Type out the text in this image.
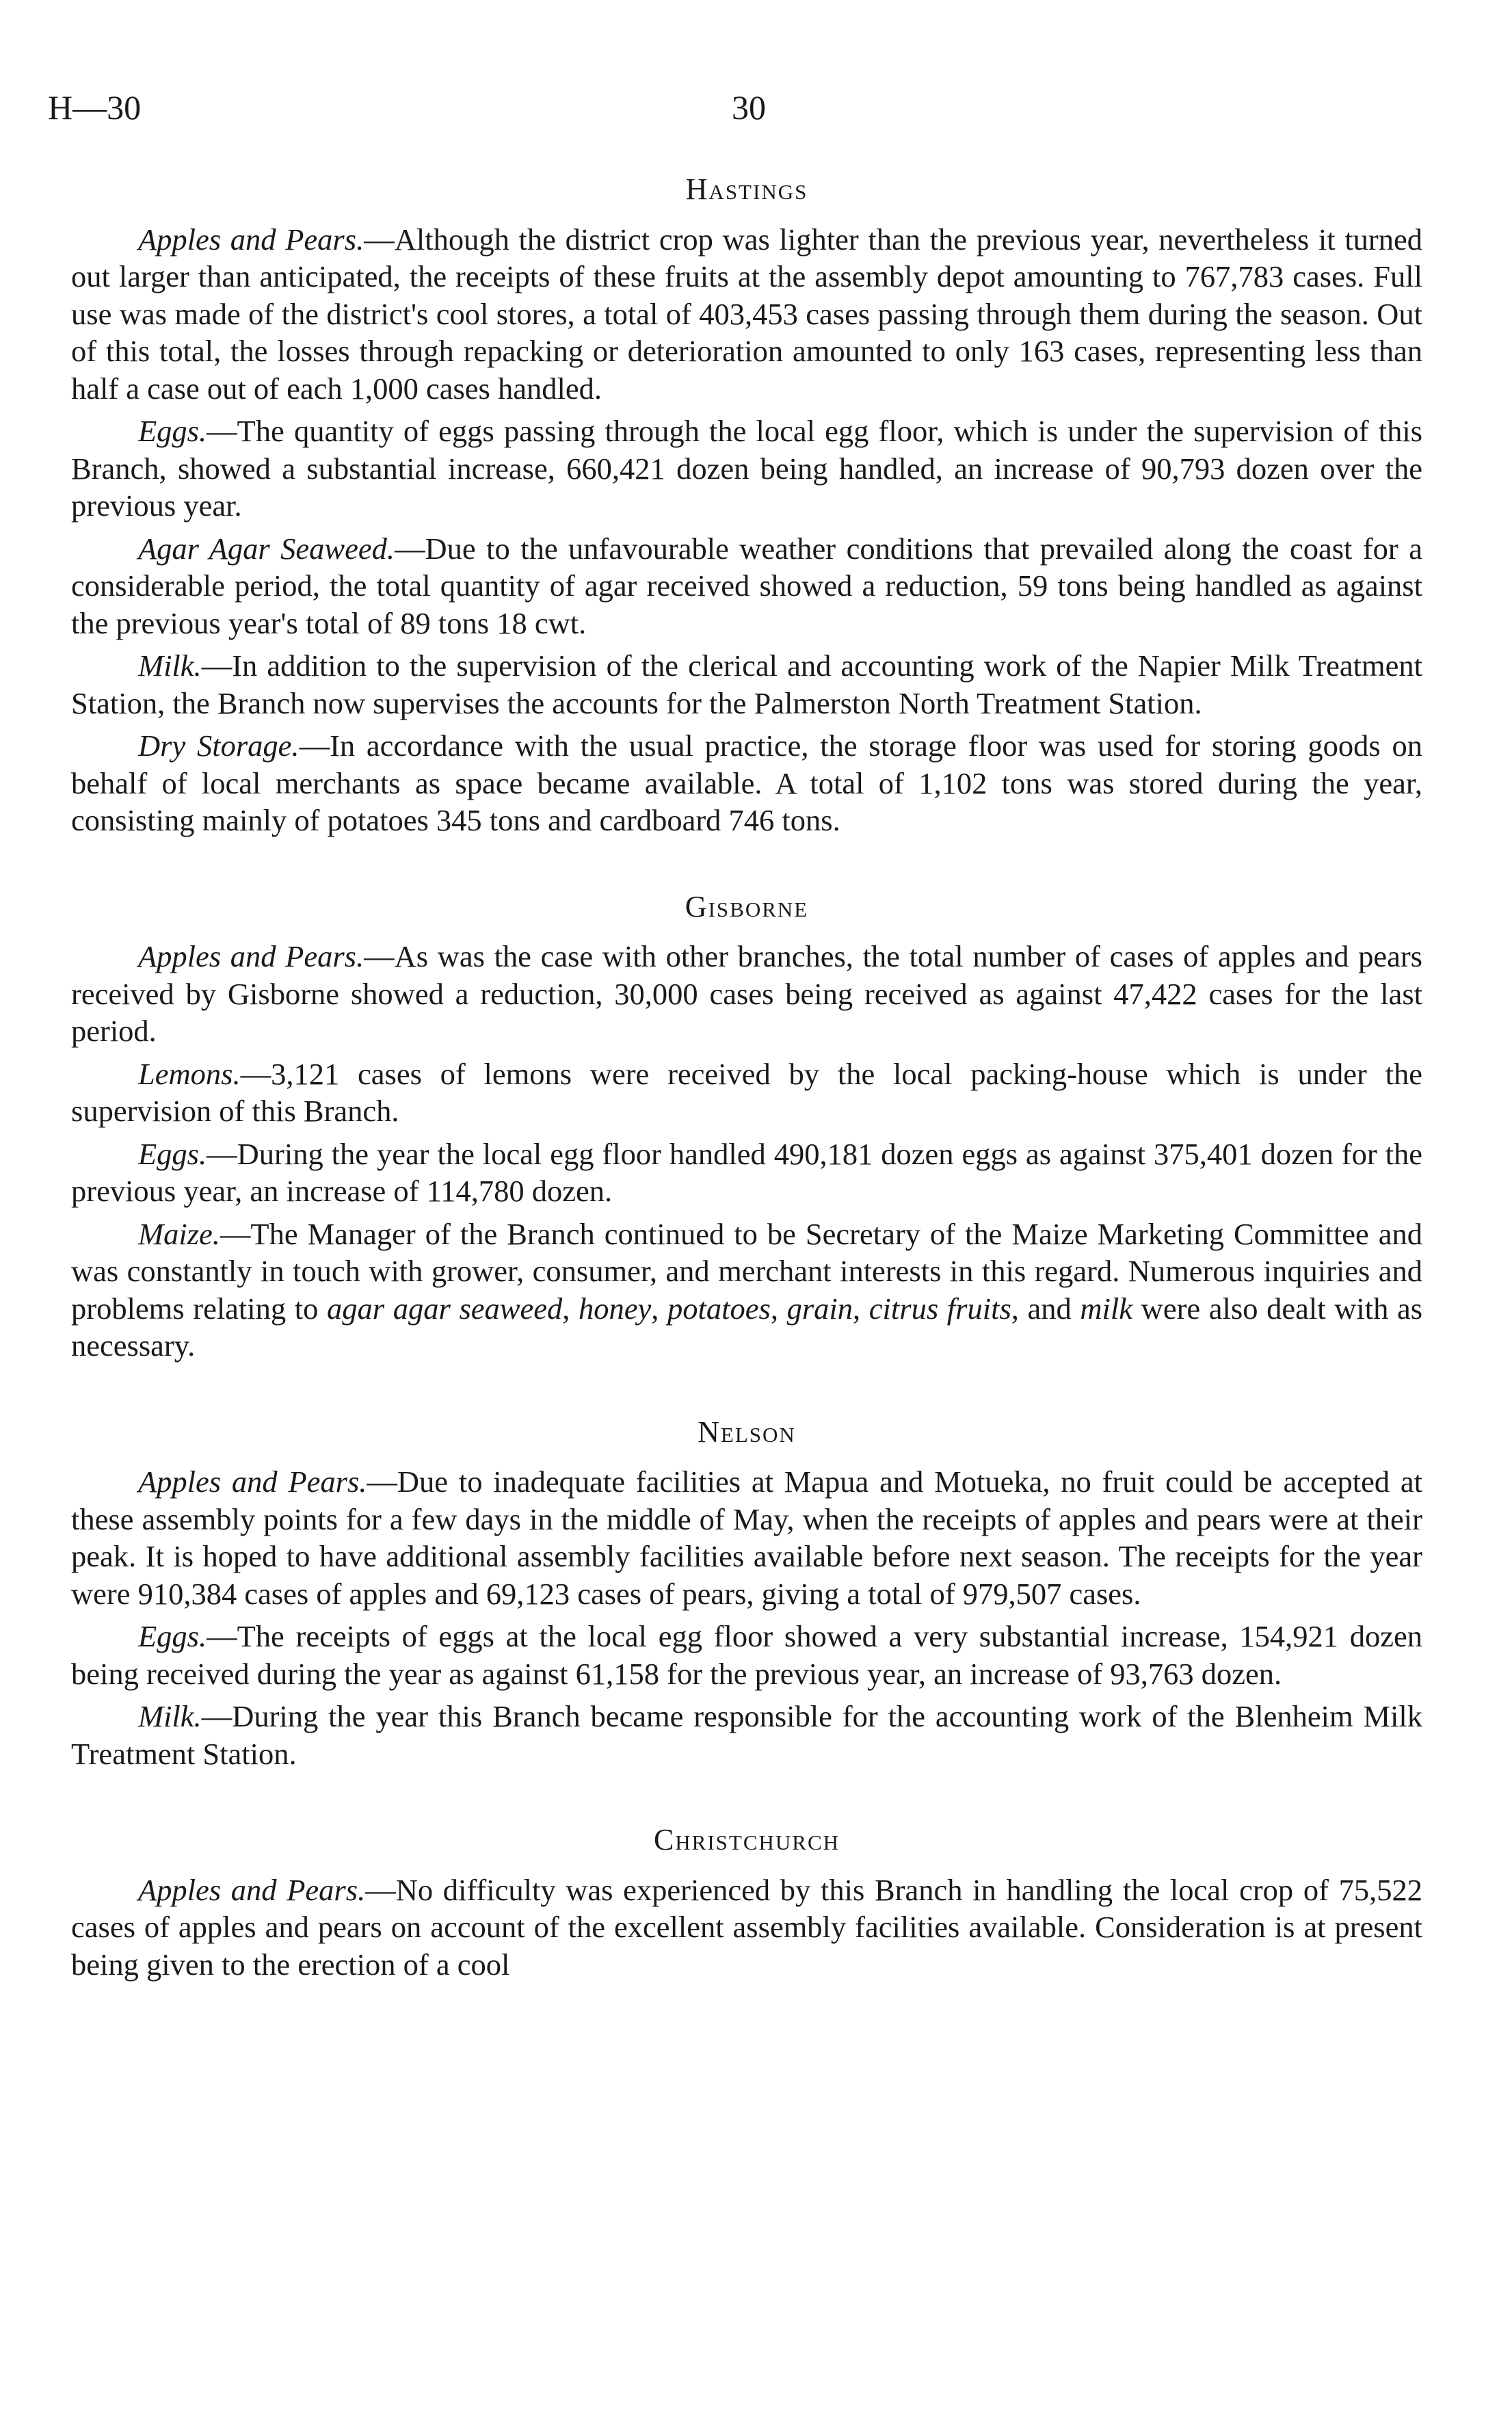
H—30	30
Hastings

Apples and Pears.—Although the district crop was lighter than the previous year, nevertheless it turned out larger than anticipated, the receipts of these fruits at the assembly depot amounting to 767,783 cases. Full use was made of the district's cool stores, a total of 403,453 cases passing through them during the season. Out of this total, the losses through repacking or deterioration amounted to only 163 cases, representing less than half a case out of each 1,000 cases handled.

Eggs.—The quantity of eggs passing through the local egg floor, which is under the supervision of this Branch, showed a substantial increase, 660,421 dozen being handled, an increase of 90,793 dozen over the previous year.

Agar Agar Seaweed.—Due to the unfavourable weather conditions that prevailed along the coast for a considerable period, the total quantity of agar received showed a reduction, 59 tons being handled as against the previous year's total of 89 tons 18 cwt.

Milk.—In addition to the supervision of the clerical and accounting work of the Napier Milk Treatment Station, the Branch now supervises the accounts for the Palmerston North Treatment Station.

Dry Storage.—In accordance with the usual practice, the storage floor was used for storing goods on behalf of local merchants as space became available. A total of 1,102 tons was stored during the year, consisting mainly of potatoes 345 tons and cardboard 746 tons.

Gisborne

Apples and Pears.—As was the case with other branches, the total number of cases of apples and pears received by Gisborne showed a reduction, 30,000 cases being received as against 47,422 cases for the last period.

Lemons.—3,121 cases of lemons were received by the local packing-house which is under the supervision of this Branch.

Eggs.—During the year the local egg floor handled 490,181 dozen eggs as against 375,401 dozen for the previous year, an increase of 114,780 dozen.

Maize.—The Manager of the Branch continued to be Secretary of the Maize Marketing Committee and was constantly in touch with grower, consumer, and merchant interests in this regard. Numerous inquiries and problems relating to agar agar seaweed, honey, potatoes, grain, citrus fruits, and milk were also dealt with as necessary.

Nelson

Apples and Pears.—Due to inadequate facilities at Mapua and Motueka, no fruit could be accepted at these assembly points for a few days in the middle of May, when the receipts of apples and pears were at their peak. It is hoped to have additional assembly facilities available before next season. The receipts for the year were 910,384 cases of apples and 69,123 cases of pears, giving a total of 979,507 cases.

Eggs.—The receipts of eggs at the local egg floor showed a very substantial increase, 154,921 dozen being received during the year as against 61,158 for the previous year, an increase of 93,763 dozen.

Milk.—During the year this Branch became responsible for the accounting work of the Blenheim Milk Treatment Station.

Christchurch

Apples and Pears.—No difficulty was experienced by this Branch in handling the local crop of 75,522 cases of apples and pears on account of the excellent assembly facilities available. Consideration is at present being given to the erection of a cool
